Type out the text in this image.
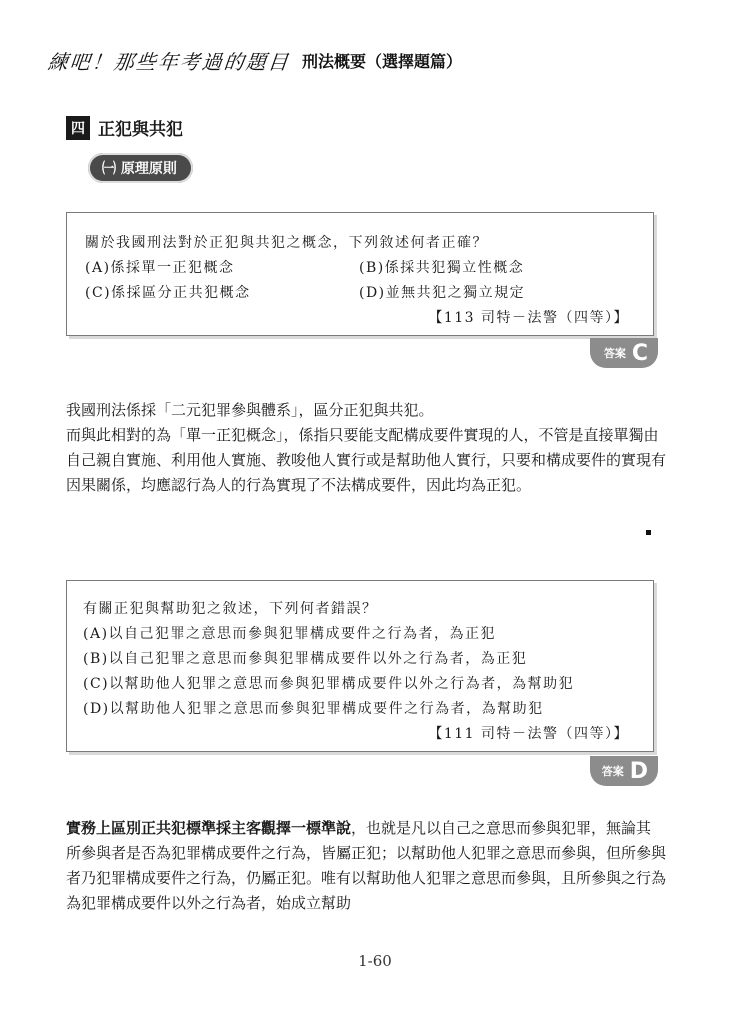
練吧！那些年考過的題目 刑法概要（選擇題篇）
四 正犯與共犯
㈠ 原理原則
關於我國刑法對於正犯與共犯之概念，下列敘述何者正確？
(A)係採單一正犯概念	(B)係採共犯獨立性概念
(C)係採區分正共犯概念	(D)並無共犯之獨立規定
【113 司特－法警（四等）】
答案 C

我國刑法係採「二元犯罪參與體系」，區分正犯與共犯。

而與此相對的為「單一正犯概念」，係指只要能支配構成要件實現的人，不管是直接單獨由自己親自實施、利用他人實施、教唆他人實行或是幫助他人實行，只要和構成要件的實現有因果關係，均應認行為人的行為實現了不法構成要件，因此均為正犯。

有關正犯與幫助犯之敘述，下列何者錯誤？
(A)以自己犯罪之意思而參與犯罪構成要件之行為者，為正犯
(B)以自己犯罪之意思而參與犯罪構成要件以外之行為者，為正犯
(C)以幫助他人犯罪之意思而參與犯罪構成要件以外之行為者，為幫助犯
(D)以幫助他人犯罪之意思而參與犯罪構成要件之行為者，為幫助犯
【111 司特－法警（四等）】
答案 D
實務上區別正共犯標準採主客觀擇一標準說，也就是凡以自己之意思而參與犯罪，無論其所參與者是否為犯罪構成要件之行為，皆屬正犯；以幫助他人犯罪之意思而參與，但所參與者乃犯罪構成要件之行為，仍屬正犯。唯有以幫助他人犯罪之意思而參與，且所參與之行為為犯罪構成要件以外之行為者，始成立幫助
1-60
